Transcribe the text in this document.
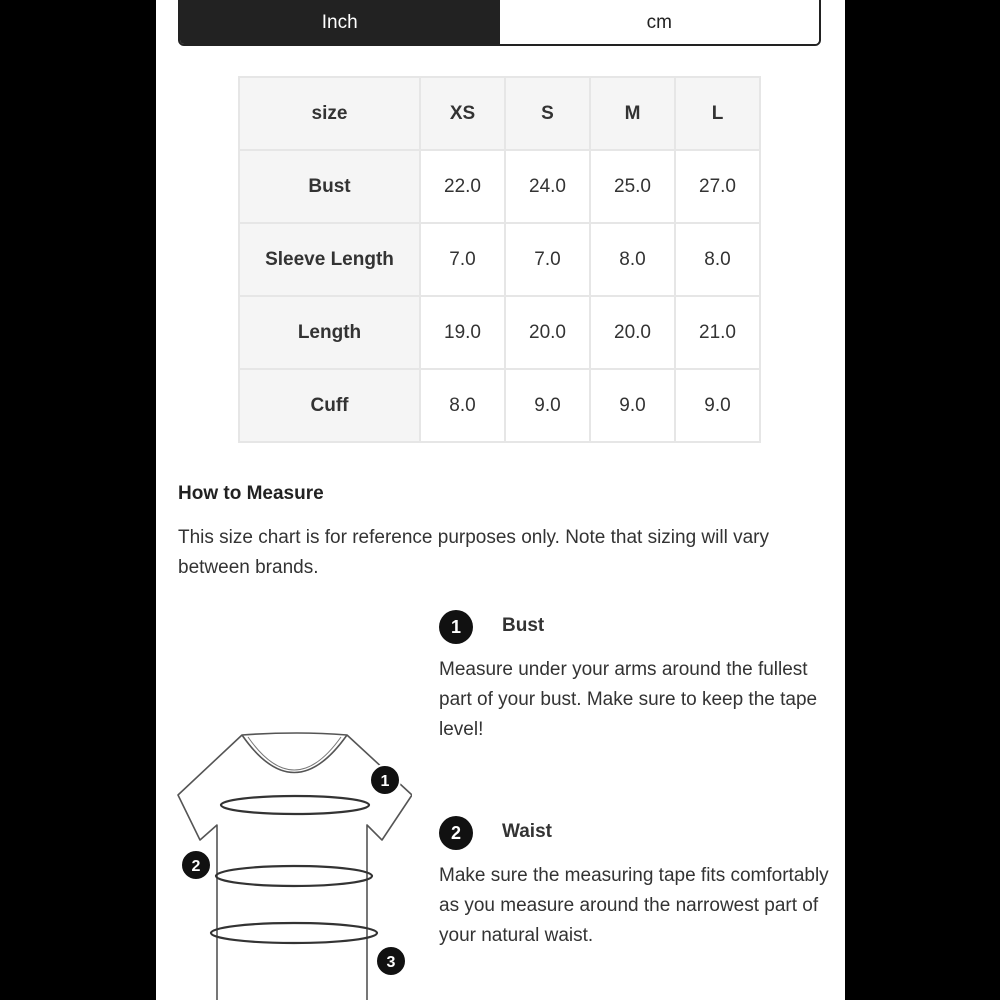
Inch	cm
size	XS	S	M	L
Bust	22.0	24.0	25.0	27.0
Sleeve Length	7.0	7.0	8.0	8.0
Length	19.0	20.0	20.0	21.0
Cuff	8.0	9.0	9.0	9.0
How to Measure
This size chart is for reference purposes only. Note that sizing will vary between brands.
1
2
3
1	Bust
Measure under your arms around the fullest part of your bust. Make sure to keep the tape level!
2	Waist
Make sure the measuring tape fits comfortably as you measure around the narrowest part of your natural waist.
